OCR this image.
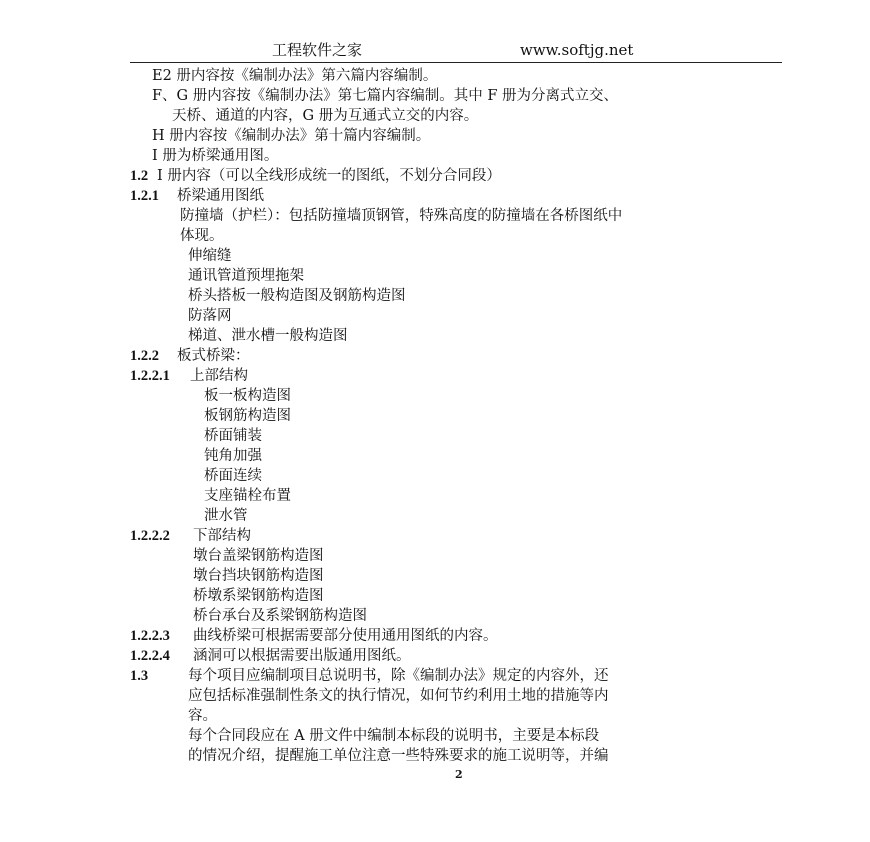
工程软件之家	www.softjg.net
E2 册内容按《编制办法》第六篇内容编制。
F、G 册内容按《编制办法》第七篇内容编制。其中 F 册为分离式立交、
天桥、通道的内容，G 册为互通式立交的内容。
H 册内容按《编制办法》第十篇内容编制。
I 册为桥梁通用图。
1.2 I 册内容（可以全线形成统一的图纸，不划分合同段）
1.2.1 桥梁通用图纸
防撞墙（护栏）：包括防撞墙顶钢管，特殊高度的防撞墙在各桥图纸中
体现。
伸缩缝
通讯管道预埋拖架
桥头搭板一般构造图及钢筋构造图
防落网
梯道、泄水槽一般构造图
1.2.2 板式桥梁：
1.2.2.1 上部结构
板一板构造图
板钢筋构造图
桥面铺装
钝角加强
桥面连续
支座锚栓布置
泄水管
1.2.2.2 下部结构
墩台盖梁钢筋构造图
墩台挡块钢筋构造图
桥墩系梁钢筋构造图
桥台承台及系梁钢筋构造图
1.2.2.3 曲线桥梁可根据需要部分使用通用图纸的内容。
1.2.2.4 涵洞可以根据需要出版通用图纸。
1.3	每个项目应编制项目总说明书，除《编制办法》规定的内容外，还
应包括标准强制性条文的执行情况，如何节约利用土地的措施等内
容。
每个合同段应在 A 册文件中编制本标段的说明书，主要是本标段
的情况介绍，提醒施工单位注意一些特殊要求的施工说明等，并编
2
